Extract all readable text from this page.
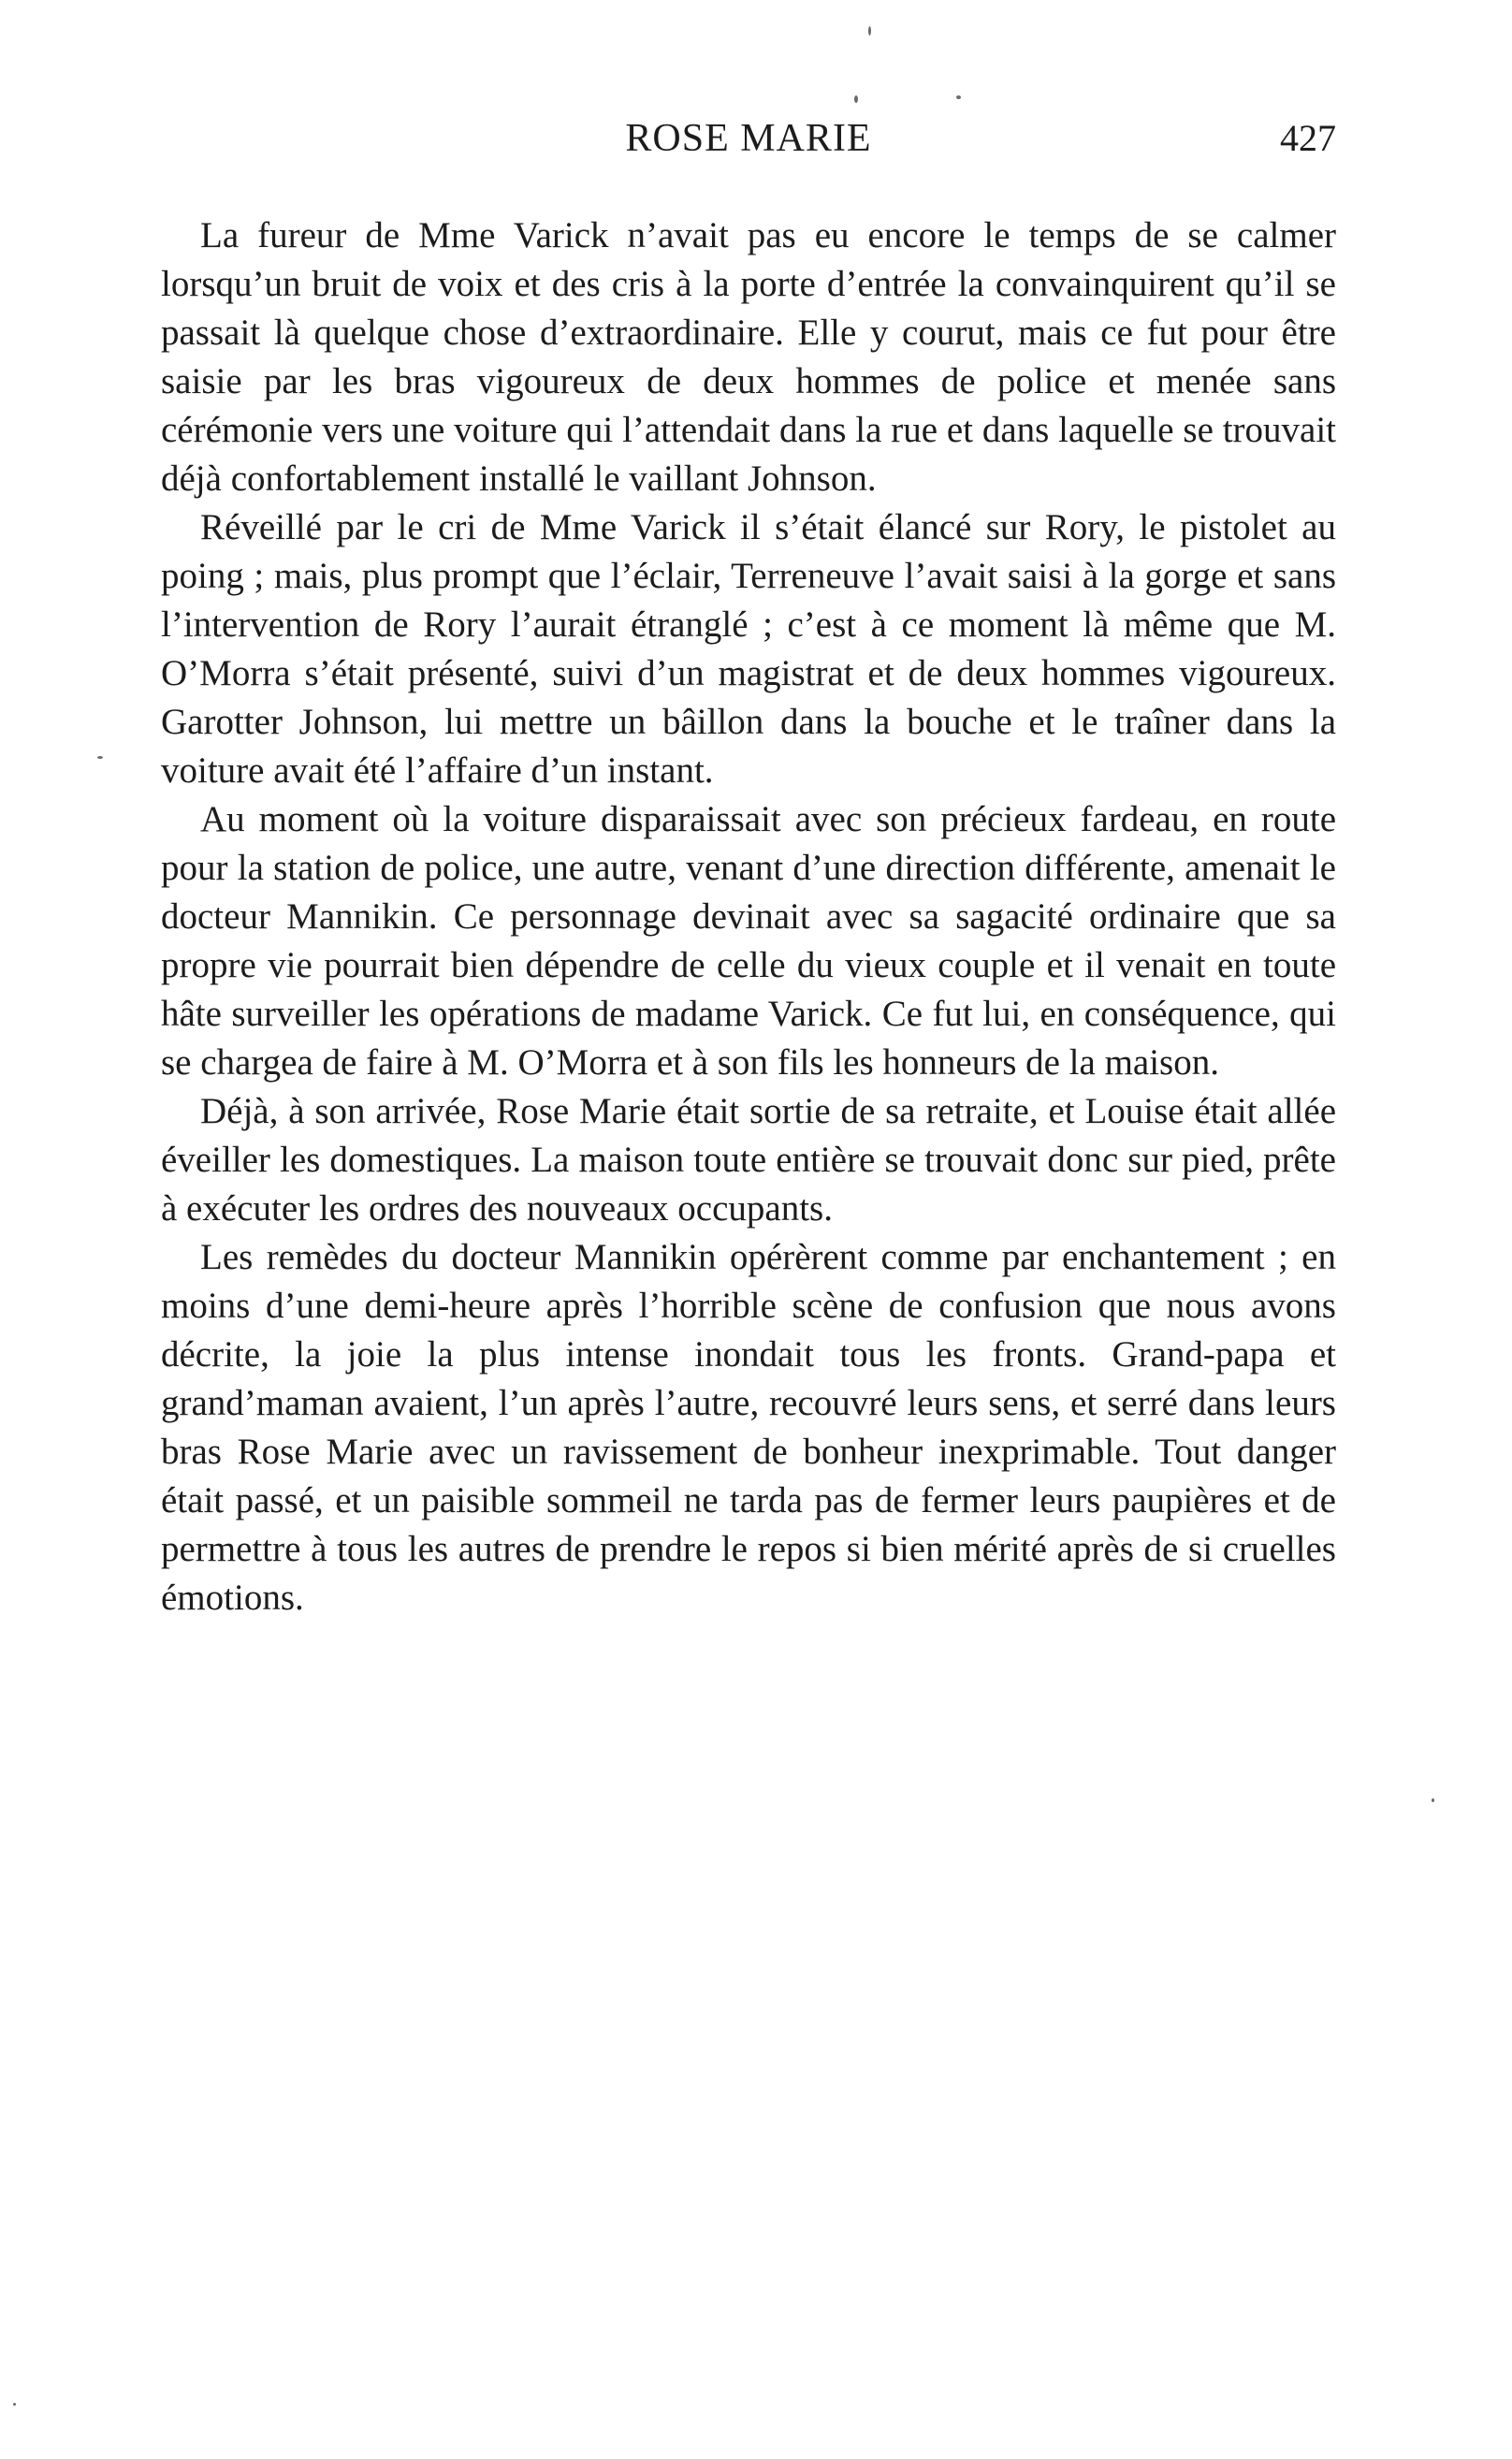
ROSE MARIE	427

La fureur de Mme Varick n’avait pas eu encore le temps de se calmer lorsqu’un bruit de voix et des cris à la porte d’entrée la convainquirent qu’il se passait là quelque chose d’extraordinaire. Elle y courut, mais ce fut pour être saisie par les bras vigoureux de deux hommes de police et menée sans cérémonie vers une voiture qui l’attendait dans la rue et dans laquelle se trouvait déjà confortablement installé le vaillant Johnson.

Réveillé par le cri de Mme Varick il s’était élancé sur Rory, le pistolet au poing ; mais, plus prompt que l’éclair, Terreneuve l’avait saisi à la gorge et sans l’intervention de Rory l’aurait étranglé ; c’est à ce moment là même que M. O’Morra s’était présenté, suivi d’un magistrat et de deux hommes vigoureux. Garotter Johnson, lui mettre un bâillon dans la bouche et le traîner dans la voiture avait été l’affaire d’un instant.

Au moment où la voiture disparaissait avec son précieux fardeau, en route pour la station de police, une autre, venant d’une direction différente, amenait le docteur Mannikin. Ce personnage devinait avec sa sagacité ordinaire que sa propre vie pourrait bien dépendre de celle du vieux couple et il venait en toute hâte surveiller les opérations de madame Varick. Ce fut lui, en conséquence, qui se chargea de faire à M. O’Morra et à son fils les honneurs de la maison.

Déjà, à son arrivée, Rose Marie était sortie de sa retraite, et Louise était allée éveiller les domestiques. La maison toute entière se trouvait donc sur pied, prête à exécuter les ordres des nouveaux occupants.

Les remèdes du docteur Mannikin opérèrent comme par enchantement ; en moins d’une demi-heure après l’horrible scène de confusion que nous avons décrite, la joie la plus intense inondait tous les fronts. Grand-papa et grand’maman avaient, l’un après l’autre, recouvré leurs sens, et serré dans leurs bras Rose Marie avec un ravissement de bonheur inexprimable. Tout danger était passé, et un paisible sommeil ne tarda pas de fermer leurs paupières et de permettre à tous les autres de prendre le repos si bien mérité après de si cruelles émotions.
